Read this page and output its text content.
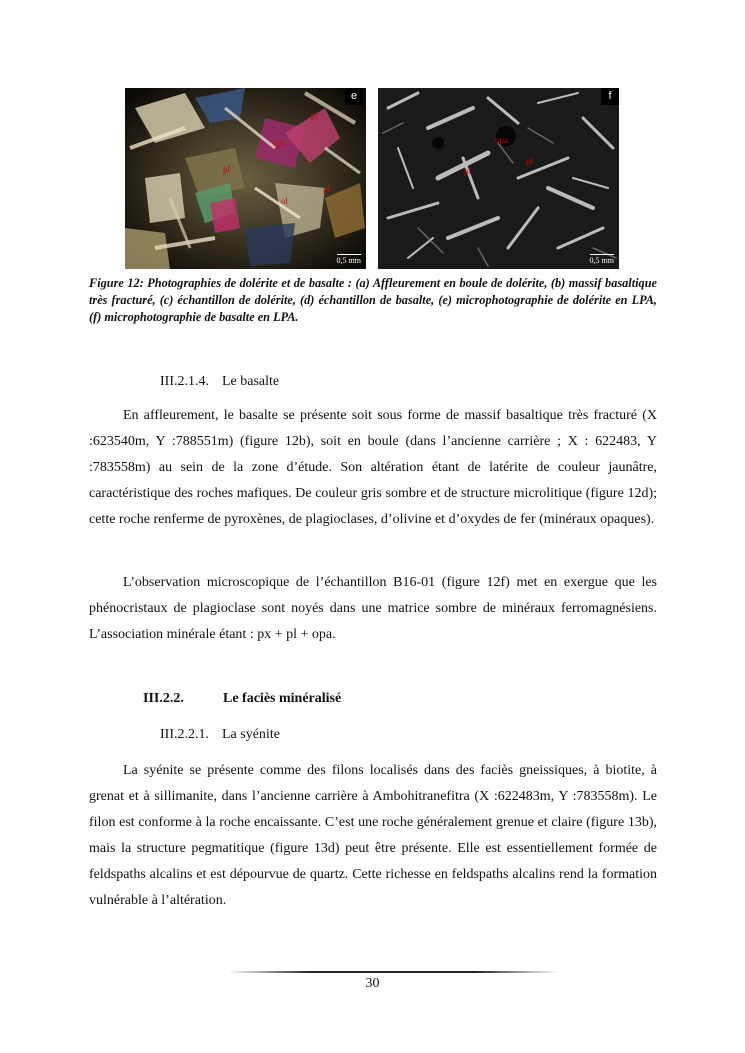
e
pl
cpx
pl
ol
pl
0,5 mm
f
opa
pl
pl
0,5 mm
Figure 12: Photographies de dolérite et de basalte : (a) Affleurement en boule de dolérite, (b) massif basaltique très fracturé, (c) échantillon de dolérite, (d) échantillon de basalte, (e) microphotographie de dolérite en LPA, (f) microphotographie de basalte en LPA.
III.2.1.4. Le basalte

En affleurement, le basalte se présente soit sous forme de massif basaltique très fracturé (X :623540m, Y :788551m) (figure 12b), soit en boule (dans l’ancienne carrière ; X : 622483, Y :783558m) au sein de la zone d’étude. Son altération étant de latérite de couleur jaunâtre, caractéristique des roches mafiques. De couleur gris sombre et de structure microlitique (figure 12d); cette roche renferme de pyroxènes, de plagioclases, d’olivine et d’oxydes de fer (minéraux opaques).

L’observation microscopique de l’échantillon B16-01 (figure 12f) met en exergue que les phénocristaux de plagioclase sont noyés dans une matrice sombre de minéraux ferromagnésiens. L’association minérale étant : px + pl + opa.

III.2.2.	Le faciès minéralisé
III.2.2.1. La syénite

La syénite se présente comme des filons localisés dans des faciès gneissiques, à biotite, à grenat et à sillimanite, dans l’ancienne carrière à Ambohitranefitra (X :622483m, Y :783558m). Le filon est conforme à la roche encaissante. C’est une roche généralement grenue et claire (figure 13b), mais la structure pegmatitique (figure 13d) peut être présente. Elle est essentiellement formée de feldspaths alcalins et est dépourvue de quartz. Cette richesse en feldspaths alcalins rend la formation vulnérable à l’altération.

30
